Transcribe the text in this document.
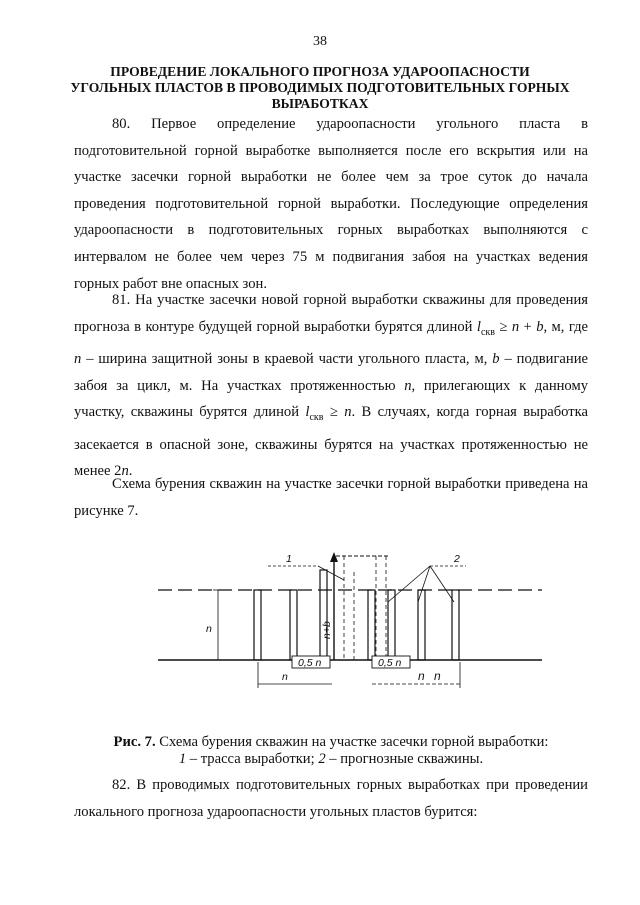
38
ПРОВЕДЕНИЕ ЛОКАЛЬНОГО ПРОГНОЗА УДАРООПАСНОСТИ УГОЛЬНЫХ ПЛАСТОВ В ПРОВОДИМЫХ ПОДГОТОВИТЕЛЬНЫХ ГОРНЫХ ВЫРАБОТКАХ

80. Первое определение удароопасности угольного пласта в подготовительной горной выработке выполняется после его вскрытия или на участке засечки горной выработки не более чем за трое суток до начала проведения подготовительной горной выработки. Последующие определения удароопасности в подготовительных горных выработках выполняются с интервалом не более чем через 75 м подвигания забоя на участках ведения горных работ вне опасных зон.

81. На участке засечки новой горной выработки скважины для проведения прогноза в контуре будущей горной выработки бурятся длиной $l_{скв} \ge n + b$, м, где n – ширина защитной зоны в краевой части угольного пласта, м, b – подвигание забоя за цикл, м. На участках протяженностью n, прилегающих к данному участку, скважины бурятся длиной $l_{скв} \ge n$. В случаях, когда горная выработка засекается в опасной зоне, скважины бурятся на участках протяженностью не менее 2n.

Схема бурения скважин на участке засечки горной выработки приведена на рисунке 7.

n	n+b
1	2
0,5 n	0,5 n
n	n n

Рис. 7. Схема бурения скважин на участке засечки горной выработки:
1 – трасса выработки; 2 – прогнозные скважины.

82. В проводимых подготовительных горных выработках при проведении локального прогноза удароопасности угольных пластов бурится:
